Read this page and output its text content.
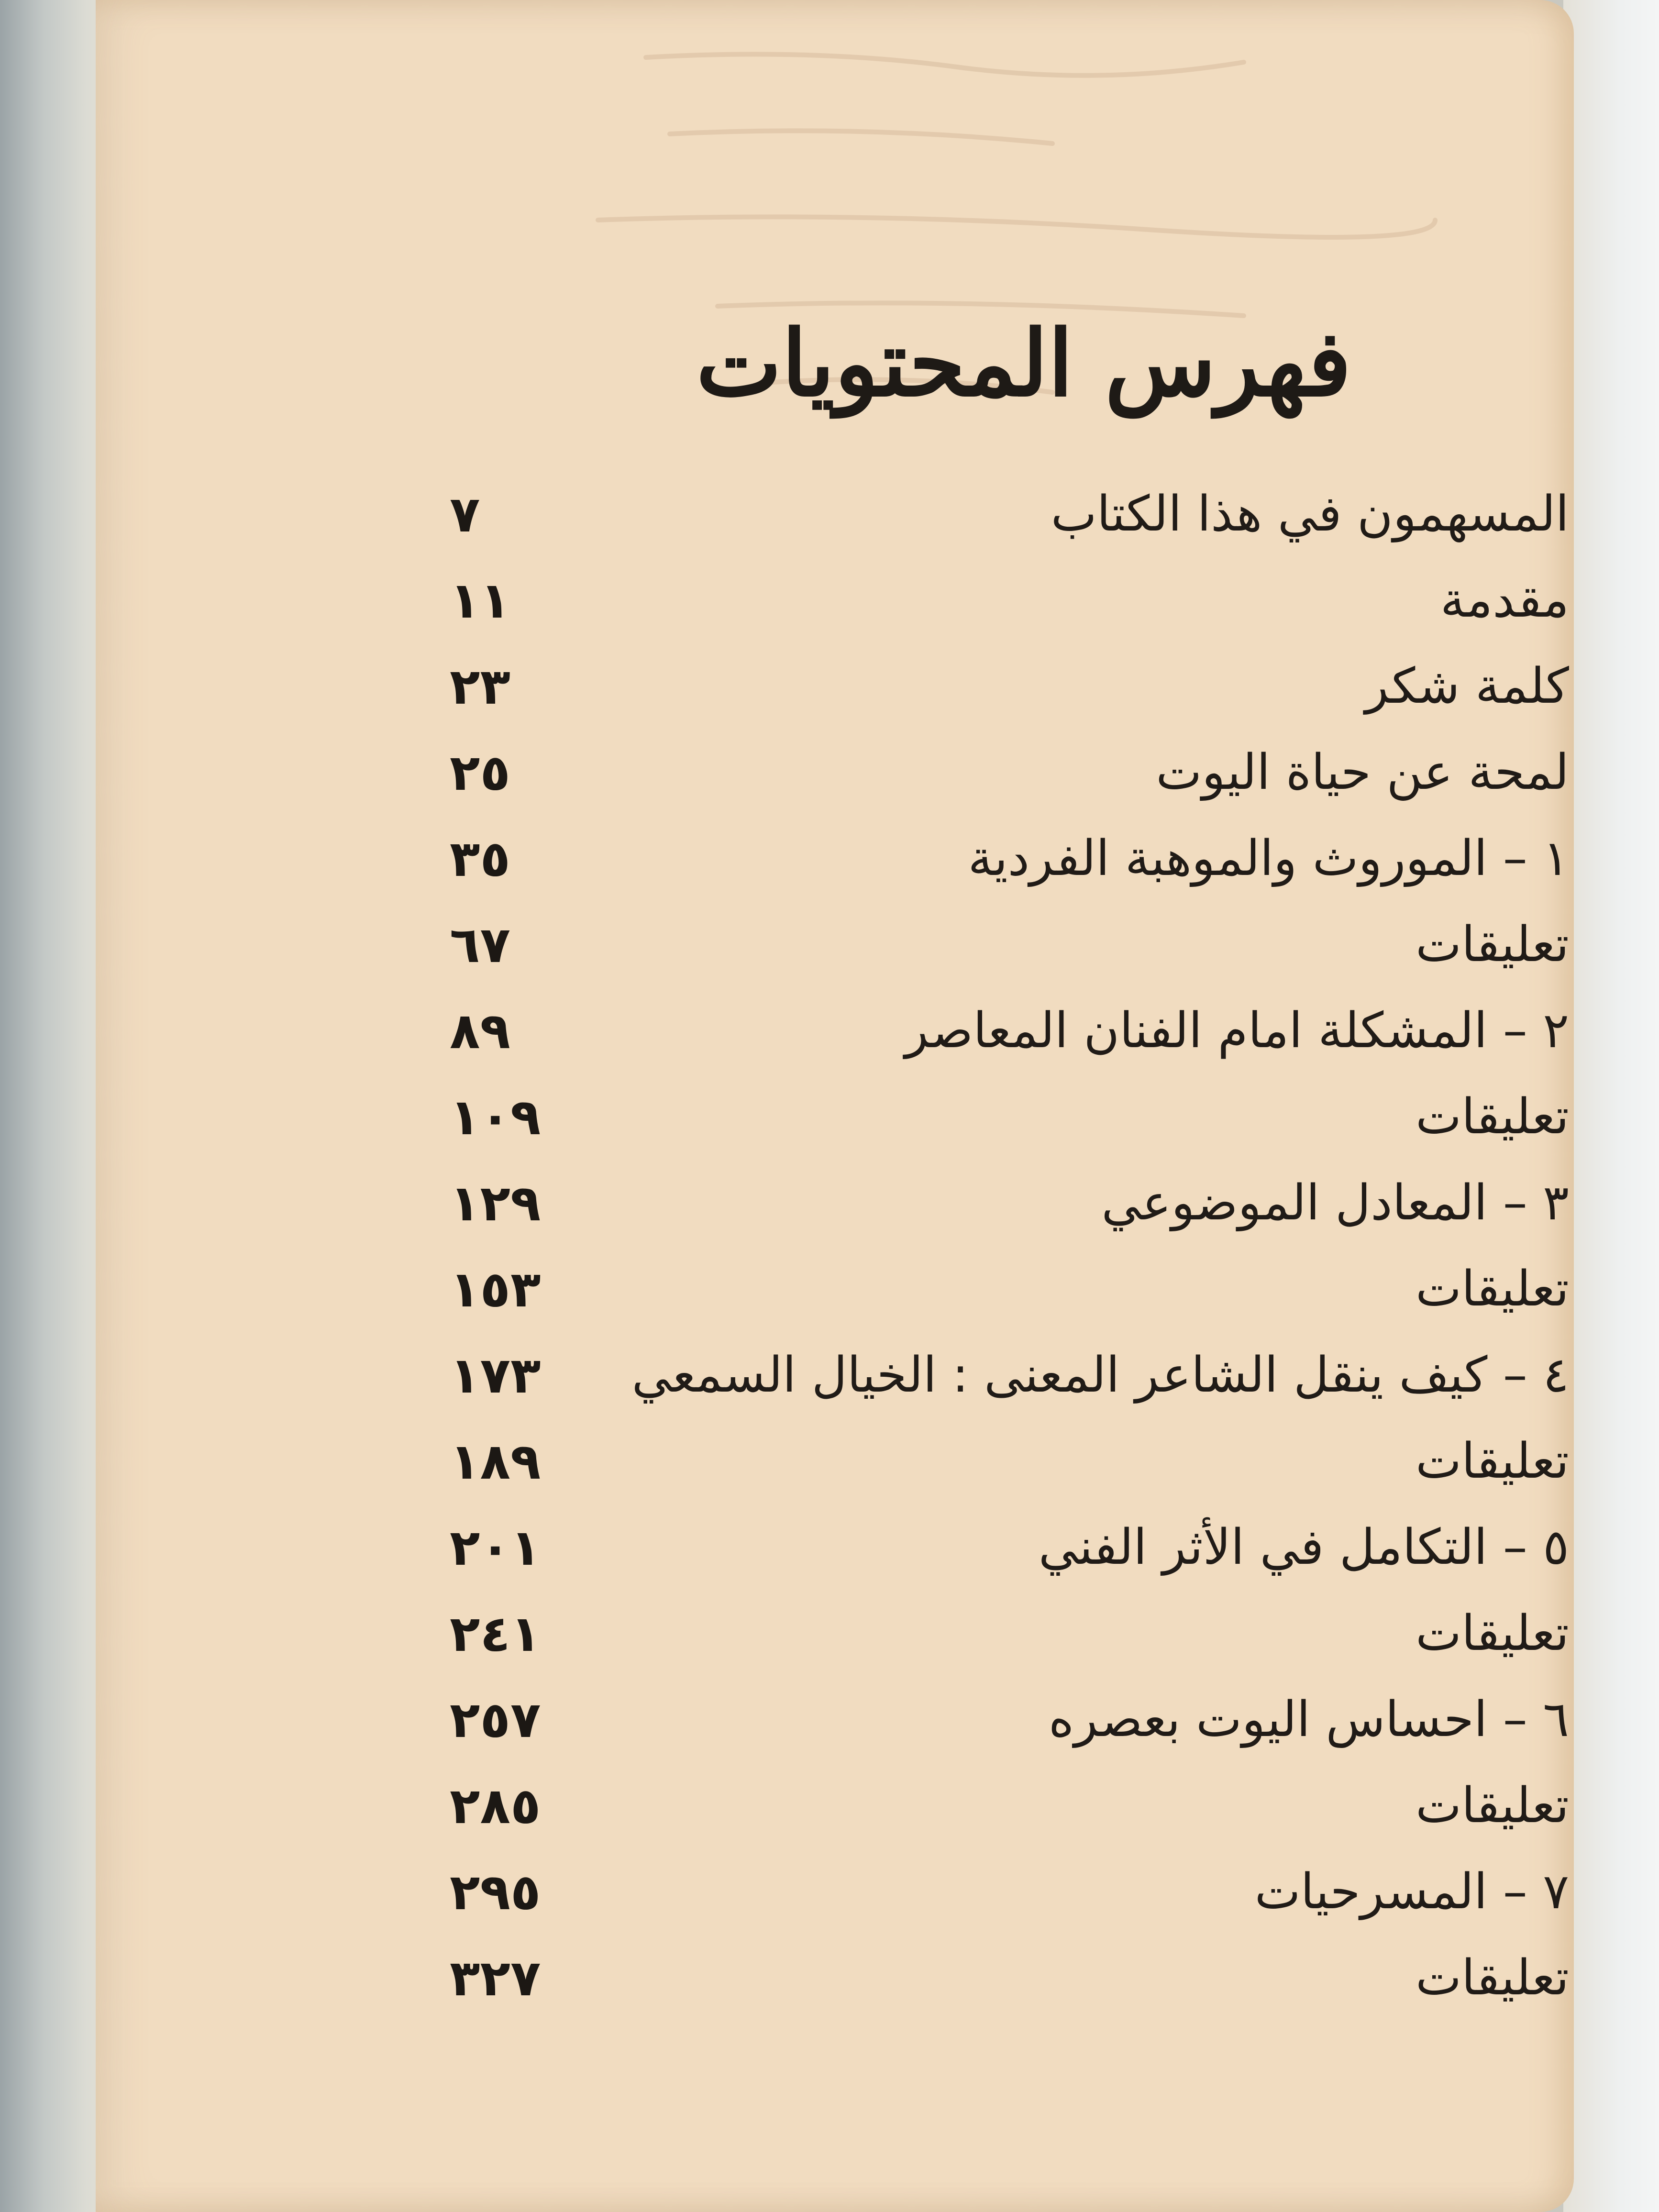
فهرس المحتويات
المسهمون في هذا الكتاب
٧
مقدمة
١١
كلمة شكر
٢٣
لمحة عن حياة اليوت
٢٥
١ – الموروث والموهبة الفردية
٣٥
تعليقات
٦٧
٢ – المشكلة امام الفنان المعاصر
٨٩
تعليقات
١٠٩
٣ – المعادل الموضوعي
١٢٩
تعليقات
١٥٣
٤ – كيف ينقل الشاعر المعنى : الخيال السمعي
١٧٣
تعليقات
١٨٩
٥ – التكامل في الأثر الفني
٢٠١
تعليقات
٢٤١
٦ – احساس اليوت بعصره
٢٥٧
تعليقات
٢٨٥
٧ – المسرحيات
٢٩٥
تعليقات
٣٢٧
